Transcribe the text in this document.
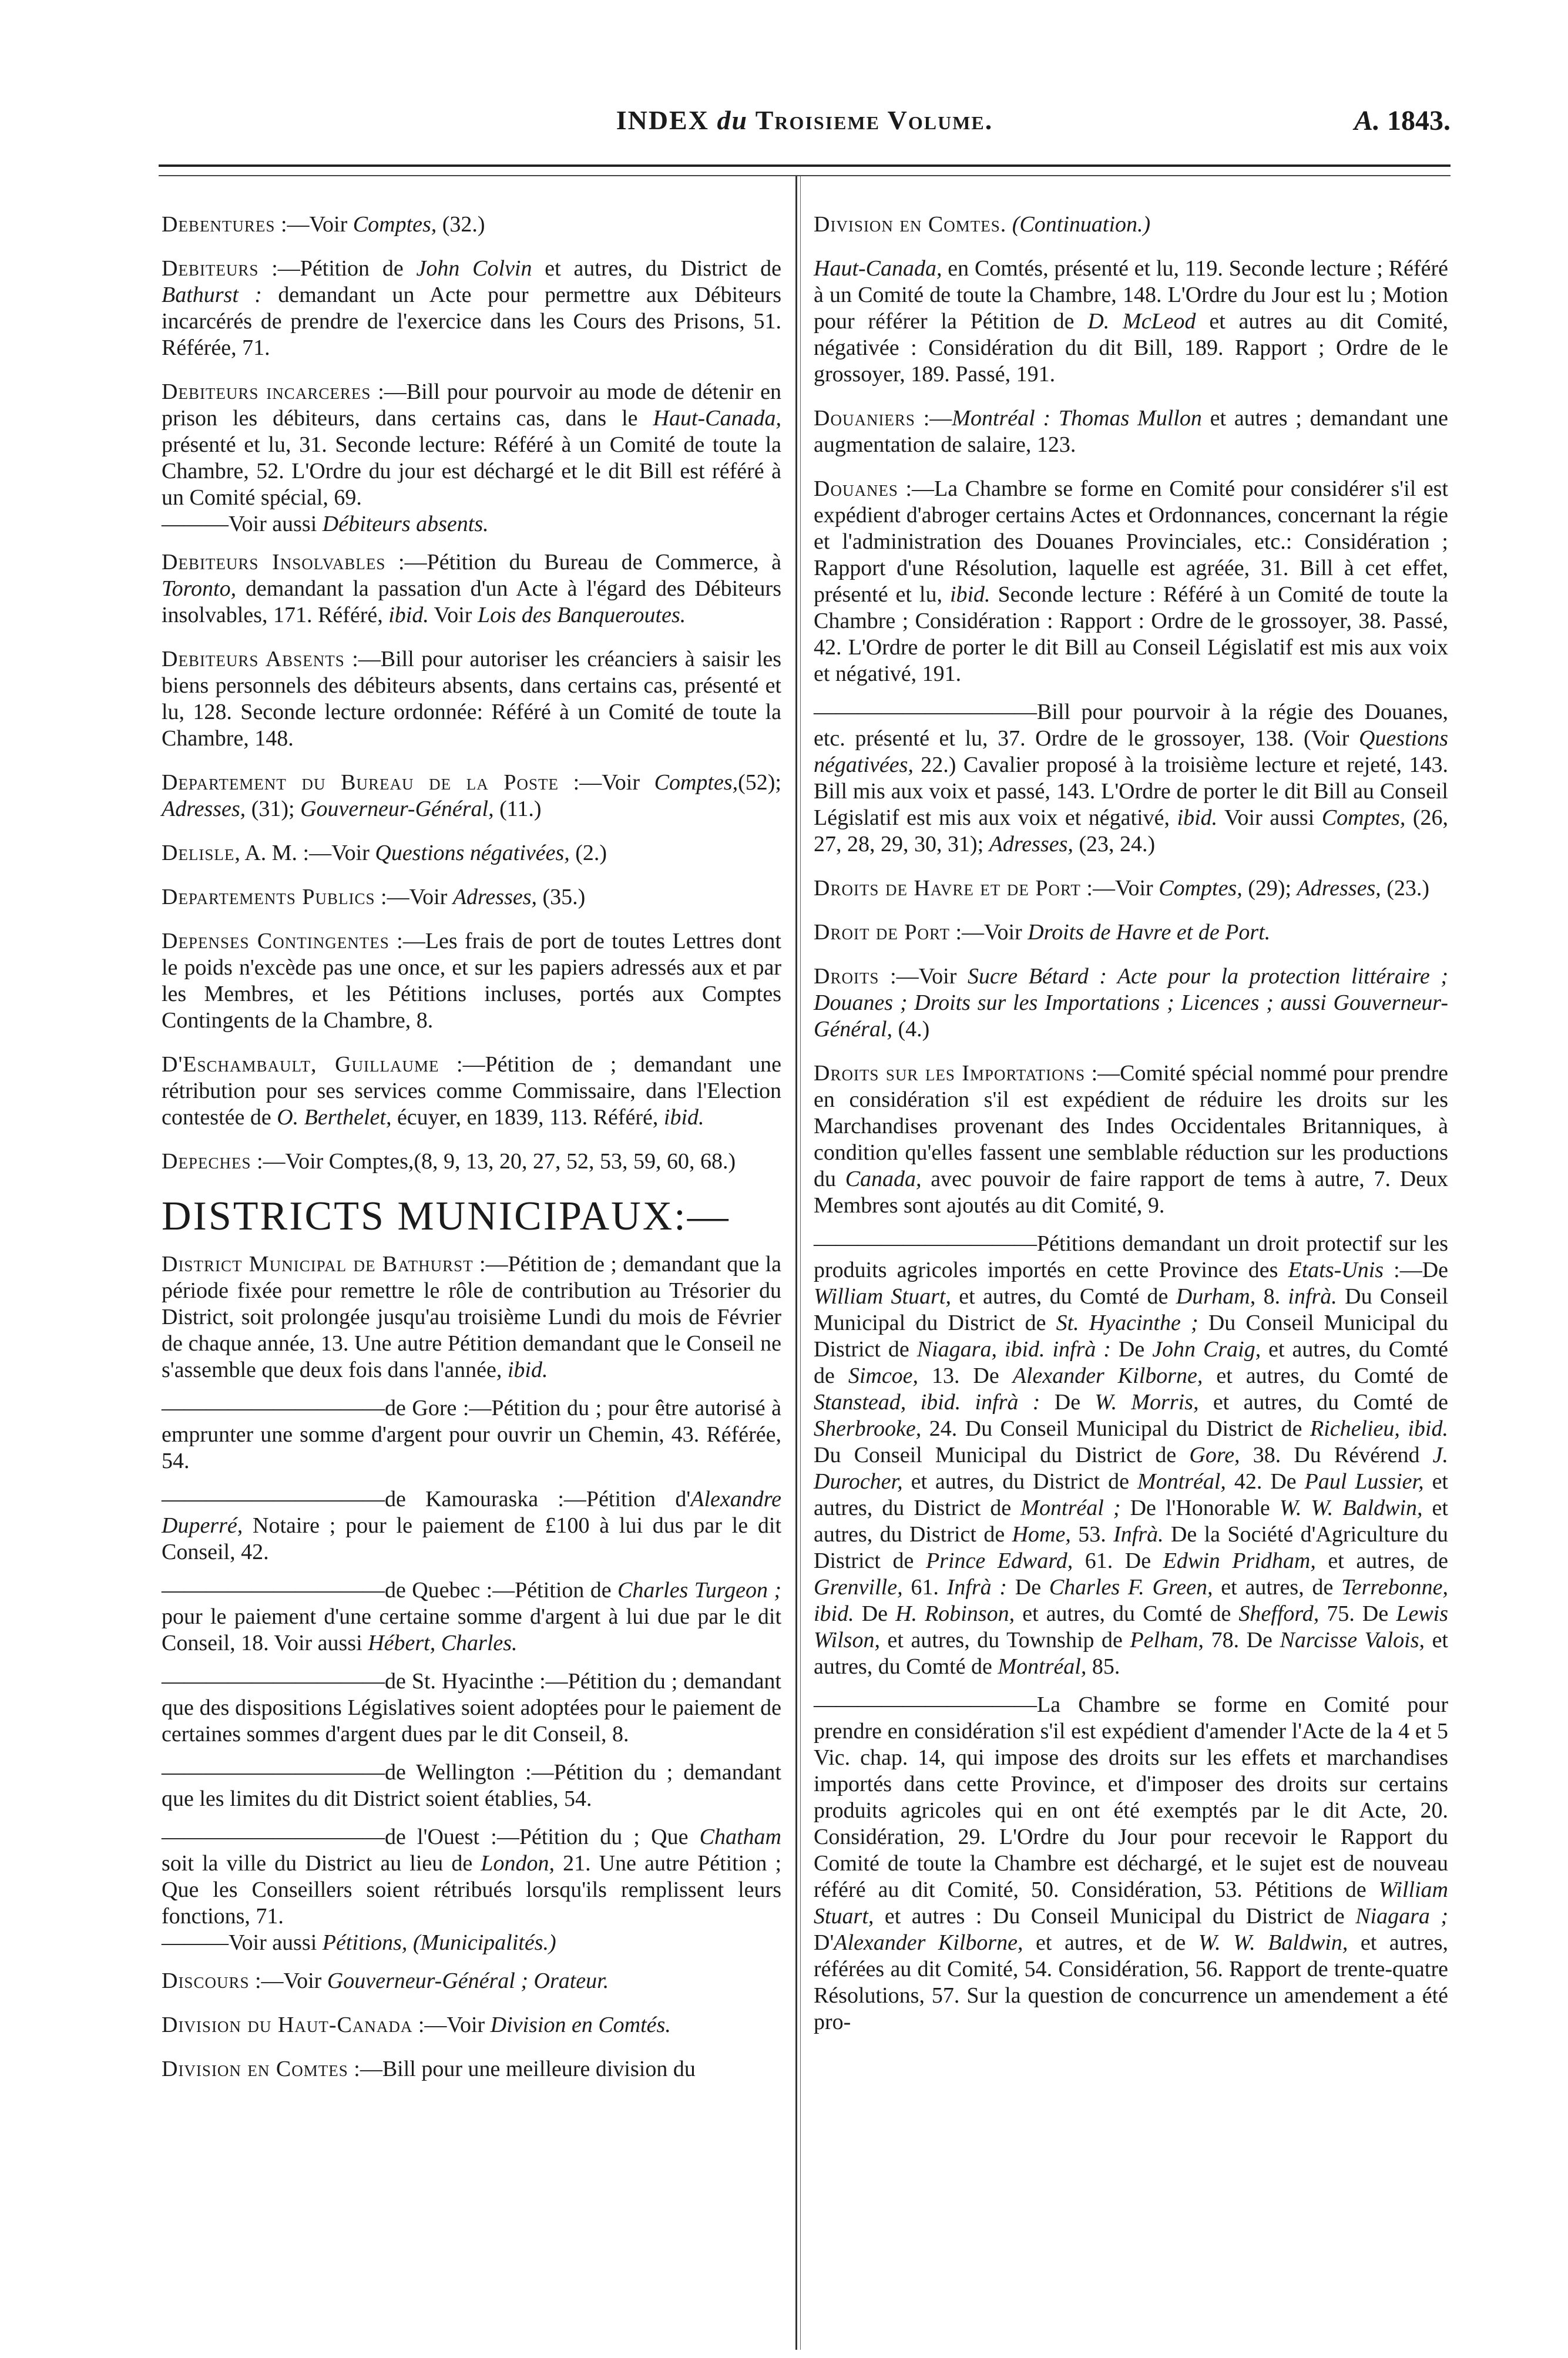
INDEX du Troisieme Volume.	A. 1843.

Debentures :—Voir Comptes, (32.)

Debiteurs :—Pétition de John Colvin et autres, du District de Bathurst : demandant un Acte pour permettre aux Débiteurs incarcérés de prendre de l'exercice dans les Cours des Prisons, 51. Référée, 71.

Debiteurs incarceres :—Bill pour pourvoir au mode de détenir en prison les débiteurs, dans certains cas, dans le Haut-Canada, présenté et lu, 31. Seconde lecture: Référé à un Comité de toute la Chambre, 52. L'Ordre du jour est déchargé et le dit Bill est référé à un Comité spécial, 69.
———Voir aussi Débiteurs absents.

Debiteurs Insolvables :—Pétition du Bureau de Commerce, à Toronto, demandant la passation d'un Acte à l'égard des Débiteurs insolvables, 171. Référé, ibid. Voir Lois des Banqueroutes.

Debiteurs Absents :—Bill pour autoriser les créanciers à saisir les biens personnels des débiteurs absents, dans certains cas, présenté et lu, 128. Seconde lecture ordonnée: Référé à un Comité de toute la Chambre, 148.

Departement du Bureau de la Poste :—Voir Comptes,(52); Adresses, (31); Gouverneur-Général, (11.)

Delisle, A. M. :—Voir Questions négativées, (2.)

Departements Publics :—Voir Adresses, (35.)

Depenses Contingentes :—Les frais de port de toutes Lettres dont le poids n'excède pas une once, et sur les papiers adressés aux et par les Membres, et les Pétitions incluses, portés aux Comptes Contingents de la Chambre, 8.

D'Eschambault, Guillaume :—Pétition de ; demandant une rétribution pour ses services comme Commissaire, dans l'Election contestée de O. Berthelet, écuyer, en 1839, 113. Référé, ibid.

Depeches :—Voir Comptes,(8, 9, 13, 20, 27, 52, 53, 59, 60, 68.)

DISTRICTS MUNICIPAUX:—

District Municipal de Bathurst :—Pétition de ; demandant que la période fixée pour remettre le rôle de contribution au Trésorier du District, soit prolongée jusqu'au troisième Lundi du mois de Février de chaque année, 13. Une autre Pétition demandant que le Conseil ne s'assemble que deux fois dans l'année, ibid.

——————————de Gore :—Pétition du ; pour être autorisé à emprunter une somme d'argent pour ouvrir un Chemin, 43. Référée, 54.

——————————de Kamouraska :—Pétition d'Alexandre Duperré, Notaire ; pour le paiement de £100 à lui dus par le dit Conseil, 42.

——————————de Quebec :—Pétition de Charles Turgeon ; pour le paiement d'une certaine somme d'argent à lui due par le dit Conseil, 18. Voir aussi Hébert, Charles.

——————————de St. Hyacinthe :—Pétition du ; demandant que des dispositions Législatives soient adoptées pour le paiement de certaines sommes d'argent dues par le dit Conseil, 8.

——————————de Wellington :—Pétition du ; demandant que les limites du dit District soient établies, 54.

——————————de l'Ouest :—Pétition du ; Que Chatham soit la ville du District au lieu de London, 21. Une autre Pétition ; Que les Conseillers soient rétribués lorsqu'ils remplissent leurs fonctions, 71.
———Voir aussi Pétitions, (Municipalités.)

Discours :—Voir Gouverneur-Général ; Orateur.

Division du Haut-Canada :—Voir Division en Comtés.

Division en Comtes :—Bill pour une meilleure division du

Division en Comtes. (Continuation.)

Haut-Canada, en Comtés, présenté et lu, 119. Seconde lecture ; Référé à un Comité de toute la Chambre, 148. L'Ordre du Jour est lu ; Motion pour référer la Pétition de D. McLeod et autres au dit Comité, négativée : Considération du dit Bill, 189. Rapport ; Ordre de le grossoyer, 189. Passé, 191.

Douaniers :—Montréal : Thomas Mullon et autres ; demandant une augmentation de salaire, 123.

Douanes :—La Chambre se forme en Comité pour considérer s'il est expédient d'abroger certains Actes et Ordonnances, concernant la régie et l'administration des Douanes Provinciales, etc.: Considération ; Rapport d'une Résolution, laquelle est agréée, 31. Bill à cet effet, présenté et lu, ibid. Seconde lecture : Référé à un Comité de toute la Chambre ; Considération : Rapport : Ordre de le grossoyer, 38. Passé, 42. L'Ordre de porter le dit Bill au Conseil Législatif est mis aux voix et négativé, 191.

——————————Bill pour pourvoir à la régie des Douanes, etc. présenté et lu, 37. Ordre de le grossoyer, 138. (Voir Questions négativées, 22.) Cavalier proposé à la troisième lecture et rejeté, 143. Bill mis aux voix et passé, 143. L'Ordre de porter le dit Bill au Conseil Législatif est mis aux voix et négativé, ibid. Voir aussi Comptes, (26, 27, 28, 29, 30, 31); Adresses, (23, 24.)

Droits de Havre et de Port :—Voir Comptes, (29); Adresses, (23.)

Droit de Port :—Voir Droits de Havre et de Port.

Droits :—Voir Sucre Bétard : Acte pour la protection littéraire ; Douanes ; Droits sur les Importations ; Licences ; aussi Gouverneur-Général, (4.)

Droits sur les Importations :—Comité spécial nommé pour prendre en considération s'il est expédient de réduire les droits sur les Marchandises provenant des Indes Occidentales Britanniques, à condition qu'elles fassent une semblable réduction sur les productions du Canada, avec pouvoir de faire rapport de tems à autre, 7. Deux Membres sont ajoutés au dit Comité, 9.

——————————Pétitions demandant un droit protectif sur les produits agricoles importés en cette Province des Etats-Unis :—De William Stuart, et autres, du Comté de Durham, 8. infrà. Du Conseil Municipal du District de St. Hyacinthe ; Du Conseil Municipal du District de Niagara, ibid. infrà : De John Craig, et autres, du Comté de Simcoe, 13. De Alexander Kilborne, et autres, du Comté de Stanstead, ibid. infrà : De W. Morris, et autres, du Comté de Sherbrooke, 24. Du Conseil Municipal du District de Richelieu, ibid. Du Conseil Municipal du District de Gore, 38. Du Révérend J. Durocher, et autres, du District de Montréal, 42. De Paul Lussier, et autres, du District de Montréal ; De l'Honorable W. W. Baldwin, et autres, du District de Home, 53. Infrà. De la Société d'Agriculture du District de Prince Edward, 61. De Edwin Pridham, et autres, de Grenville, 61. Infrà : De Charles F. Green, et autres, de Terrebonne, ibid. De H. Robinson, et autres, du Comté de Shefford, 75. De Lewis Wilson, et autres, du Township de Pelham, 78. De Narcisse Valois, et autres, du Comté de Montréal, 85.

——————————La Chambre se forme en Comité pour prendre en considération s'il est expédient d'amender l'Acte de la 4 et 5 Vic. chap. 14, qui impose des droits sur les effets et marchandises importés dans cette Province, et d'imposer des droits sur certains produits agricoles qui en ont été exemptés par le dit Acte, 20. Considération, 29. L'Ordre du Jour pour recevoir le Rapport du Comité de toute la Chambre est déchargé, et le sujet est de nouveau référé au dit Comité, 50. Considération, 53. Pétitions de William Stuart, et autres : Du Conseil Municipal du District de Niagara ; D'Alexander Kilborne, et autres, et de W. W. Baldwin, et autres, référées au dit Comité, 54. Considération, 56. Rapport de trente-quatre Résolutions, 57. Sur la question de concurrence un amendement a été pro-
